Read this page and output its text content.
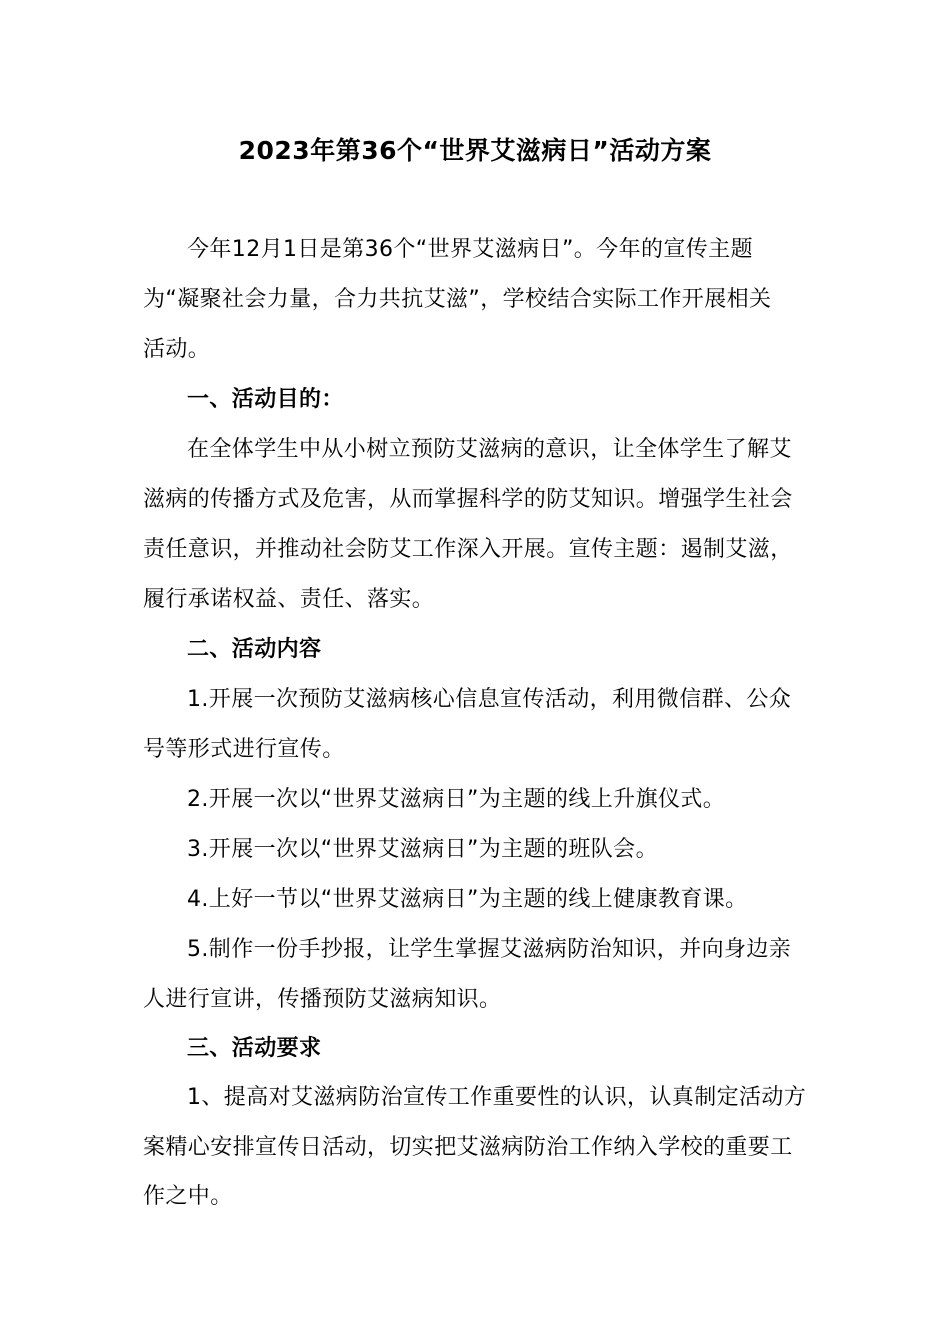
2023年第36个“世界艾滋病日”活动方案
今年12月1日是第36个“世界艾滋病日”。今年的宣传主题
为“凝聚社会力量，合力共抗艾滋”，学校结合实际工作开展相关
活动。
一、活动目的：
在全体学生中从小树立预防艾滋病的意识，让全体学生了解艾
滋病的传播方式及危害，从而掌握科学的防艾知识。增强学生社会
责任意识，并推动社会防艾工作深入开展。宣传主题：遏制艾滋，
履行承诺权益、责任、落实。
二、活动内容
1.开展一次预防艾滋病核心信息宣传活动，利用微信群、公众
号等形式进行宣传。
2.开展一次以“世界艾滋病日”为主题的线上升旗仪式。
3.开展一次以“世界艾滋病日”为主题的班队会。
4.上好一节以“世界艾滋病日”为主题的线上健康教育课。
5.制作一份手抄报，让学生掌握艾滋病防治知识，并向身边亲
人进行宣讲，传播预防艾滋病知识。
三、活动要求
1、提高对艾滋病防治宣传工作重要性的认识，认真制定活动方
案精心安排宣传日活动，切实把艾滋病防治工作纳入学校的重要工
作之中。
